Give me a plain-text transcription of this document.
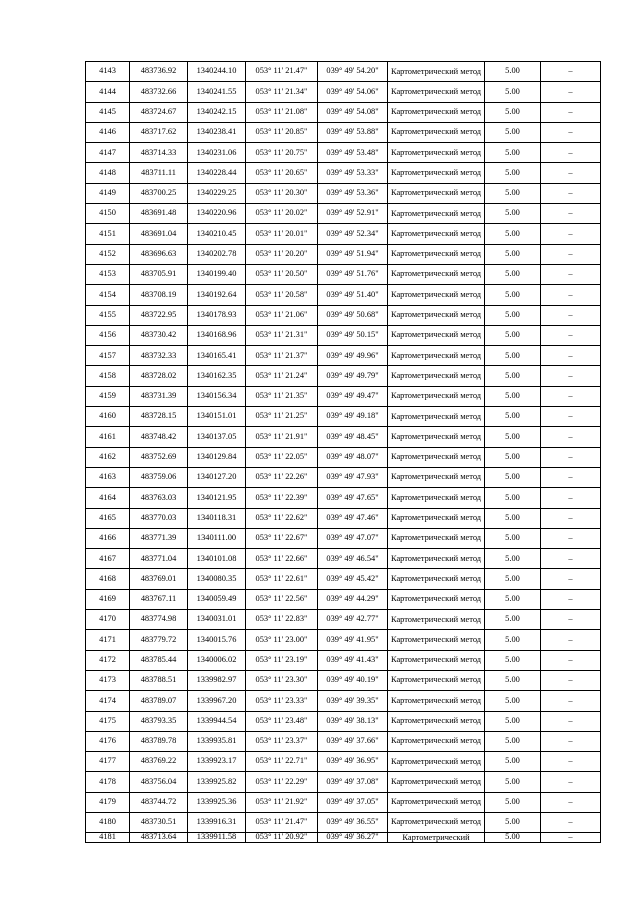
4143	483736.92	1340244.10	053° 11' 21.47"	039° 49' 54.20"	Картометрический метод	5.00	–
4144	483732.66	1340241.55	053° 11' 21.34"	039° 49' 54.06"	Картометрический метод	5.00	–
4145	483724.67	1340242.15	053° 11' 21.08"	039° 49' 54.08"	Картометрический метод	5.00	–
4146	483717.62	1340238.41	053° 11' 20.85"	039° 49' 53.88"	Картометрический метод	5.00	–
4147	483714.33	1340231.06	053° 11' 20.75"	039° 49' 53.48"	Картометрический метод	5.00	–
4148	483711.11	1340228.44	053° 11' 20.65"	039° 49' 53.33"	Картометрический метод	5.00	–
4149	483700.25	1340229.25	053° 11' 20.30"	039° 49' 53.36"	Картометрический метод	5.00	–
4150	483691.48	1340220.96	053° 11' 20.02"	039° 49' 52.91"	Картометрический метод	5.00	–
4151	483691.04	1340210.45	053° 11' 20.01"	039° 49' 52.34"	Картометрический метод	5.00	–
4152	483696.63	1340202.78	053° 11' 20.20"	039° 49' 51.94"	Картометрический метод	5.00	–
4153	483705.91	1340199.40	053° 11' 20.50"	039° 49' 51.76"	Картометрический метод	5.00	–
4154	483708.19	1340192.64	053° 11' 20.58"	039° 49' 51.40"	Картометрический метод	5.00	–
4155	483722.95	1340178.93	053° 11' 21.06"	039° 49' 50.68"	Картометрический метод	5.00	–
4156	483730.42	1340168.96	053° 11' 21.31"	039° 49' 50.15"	Картометрический метод	5.00	–
4157	483732.33	1340165.41	053° 11' 21.37"	039° 49' 49.96"	Картометрический метод	5.00	–
4158	483728.02	1340162.35	053° 11' 21.24"	039° 49' 49.79"	Картометрический метод	5.00	–
4159	483731.39	1340156.34	053° 11' 21.35"	039° 49' 49.47"	Картометрический метод	5.00	–
4160	483728.15	1340151.01	053° 11' 21.25"	039° 49' 49.18"	Картометрический метод	5.00	–
4161	483748.42	1340137.05	053° 11' 21.91"	039° 49' 48.45"	Картометрический метод	5.00	–
4162	483752.69	1340129.84	053° 11' 22.05"	039° 49' 48.07"	Картометрический метод	5.00	–
4163	483759.06	1340127.20	053° 11' 22.26"	039° 49' 47.93"	Картометрический метод	5.00	–
4164	483763.03	1340121.95	053° 11' 22.39"	039° 49' 47.65"	Картометрический метод	5.00	–
4165	483770.03	1340118.31	053° 11' 22.62"	039° 49' 47.46"	Картометрический метод	5.00	–
4166	483771.39	1340111.00	053° 11' 22.67"	039° 49' 47.07"	Картометрический метод	5.00	–
4167	483771.04	1340101.08	053° 11' 22.66"	039° 49' 46.54"	Картометрический метод	5.00	–
4168	483769.01	1340080.35	053° 11' 22.61"	039° 49' 45.42"	Картометрический метод	5.00	–
4169	483767.11	1340059.49	053° 11' 22.56"	039° 49' 44.29"	Картометрический метод	5.00	–
4170	483774.98	1340031.01	053° 11' 22.83"	039° 49' 42.77"	Картометрический метод	5.00	–
4171	483779.72	1340015.76	053° 11' 23.00"	039° 49' 41.95"	Картометрический метод	5.00	–
4172	483785.44	1340006.02	053° 11' 23.19"	039° 49' 41.43"	Картометрический метод	5.00	–
4173	483788.51	1339982.97	053° 11' 23.30"	039° 49' 40.19"	Картометрический метод	5.00	–
4174	483789.07	1339967.20	053° 11' 23.33"	039° 49' 39.35"	Картометрический метод	5.00	–
4175	483793.35	1339944.54	053° 11' 23.48"	039° 49' 38.13"	Картометрический метод	5.00	–
4176	483789.78	1339935.81	053° 11' 23.37"	039° 49' 37.66"	Картометрический метод	5.00	–
4177	483769.22	1339923.17	053° 11' 22.71"	039° 49' 36.95"	Картометрический метод	5.00	–
4178	483756.04	1339925.82	053° 11' 22.29"	039° 49' 37.08"	Картометрический метод	5.00	–
4179	483744.72	1339925.36	053° 11' 21.92"	039° 49' 37.05"	Картометрический метод	5.00	–
4180	483730.51	1339916.31	053° 11' 21.47"	039° 49' 36.55"	Картометрический метод	5.00	–
4181	483713.64	1339911.58	053° 11' 20.92"	039° 49' 36.27"	Картометрический	5.00	–
